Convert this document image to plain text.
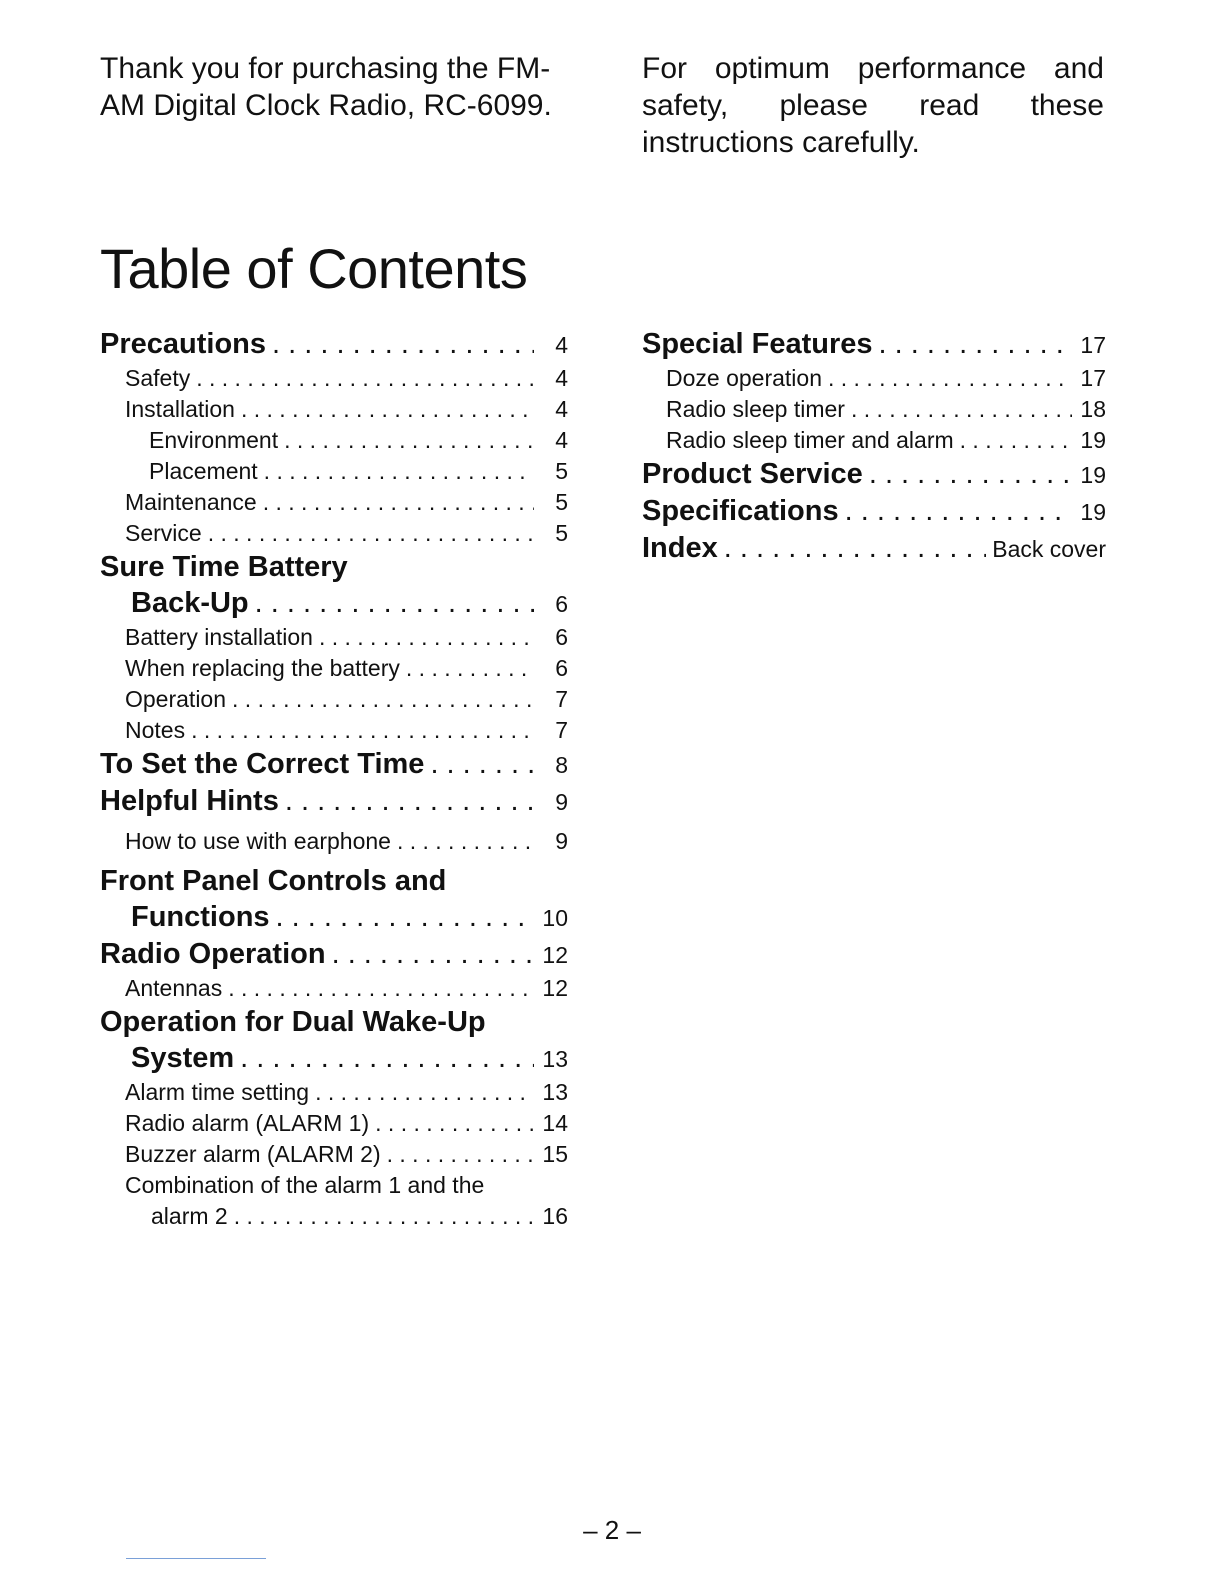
Thank you for purchasing the FM-AM Digital Clock Radio, RC-6099.
For optimum performance and safety, please read these instructions carefully.
Table of Contents
Precautions . . .	4
Safety . . .	4
Installation . . .	4
Environment . . .	4
Placement . . .	5
Maintenance . . .	5
Service . . .	5
Sure Time Battery
Back-Up . . .	6
Battery installation . . .	6
When replacing the battery . . .	6
Operation . . .	7
Notes . . .	7
To Set the Correct Time . . .	8
Helpful Hints . . .	9
How to use with earphone . . .	9
Front Panel Controls and
Functions . . .	10
Radio Operation . . .	12
Antennas . . .	12
Operation for Dual Wake-Up
System . . .	13
Alarm time setting . . .	13
Radio alarm (ALARM 1) . . .	14
Buzzer alarm (ALARM 2) . . .	15
Combination of the alarm 1 and the
alarm 2 . . .	16
Special Features . . .	17
Doze operation . . .	17
Radio sleep timer . . .	18
Radio sleep timer and alarm . . .	19
Product Service . . .	19
Specifications . . .	19
Index . . .	Back cover
– 2 –
